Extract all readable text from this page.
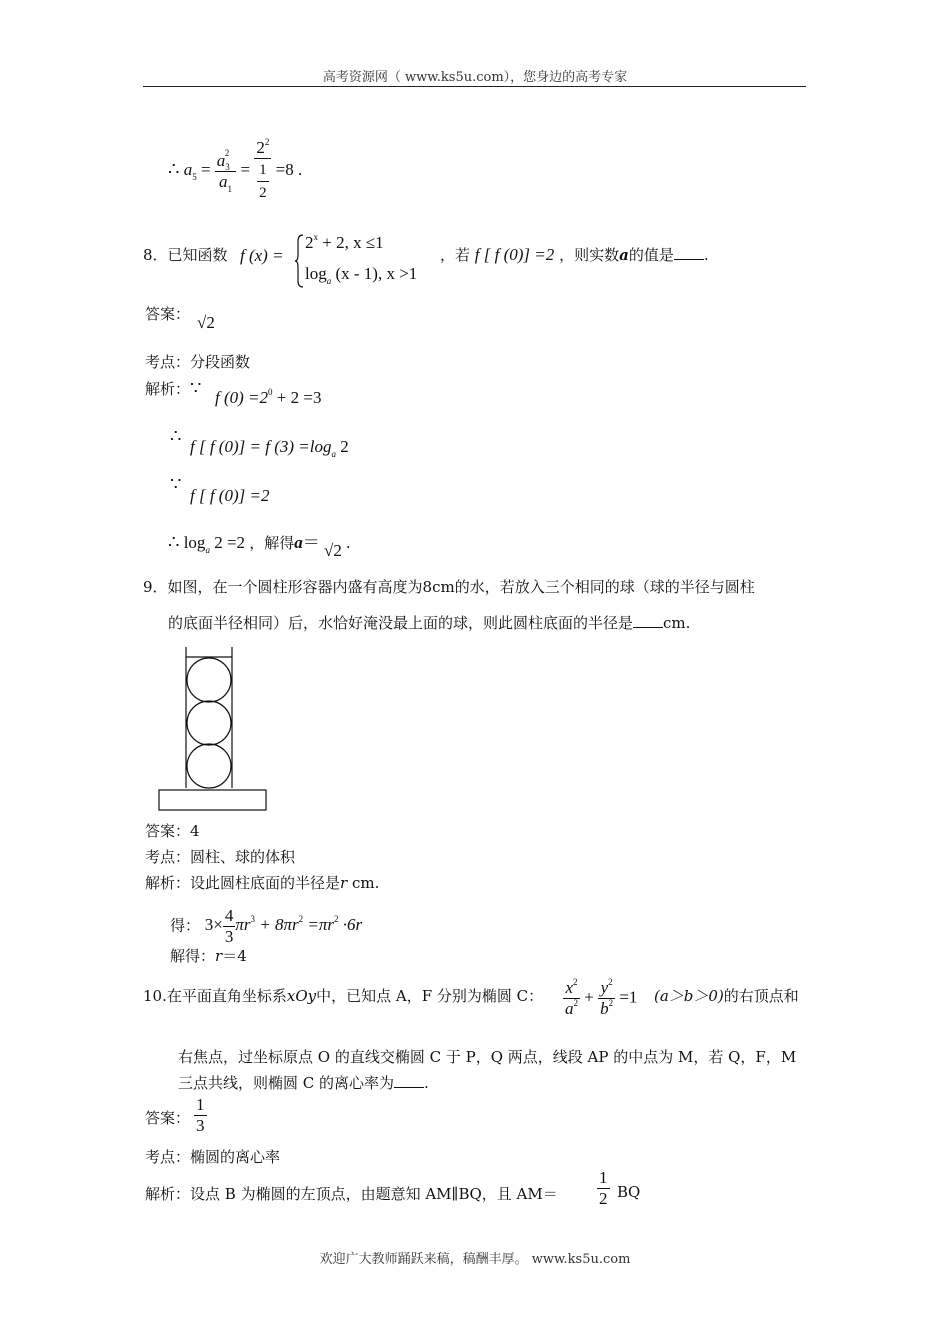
高考资源网（ www.ks5u.com），您身边的高考专家
∴ $a_5 = \frac{a_3^2}{a_1} = \frac{2^2}{\frac{1}{2}} =8$ .
8．已知函数 f (x) =
$2^x + 2$, x ≤1
$\log_a (x - 1)$, x >1
，若 f [ f (0)] =2 ，则实数a的值是 .
答案： √2
考点：分段函数
解析：∵ f $(0) =2^0 + 2 =3$
∴ f [ f (0)] = f $(3) =\log_a$ 2
∵
f [ f (0)] =2
∴ $\log_a 2 =2$ ，解得a＝ √2 .
9．如图，在一个圆柱形容器内盛有高度为8cm的水，若放入三个相同的球（球的半径与圆柱
的底面半径相同）后，水恰好淹没最上面的球，则此圆柱底面的半径是 cm.
答案：4
考点：圆柱、球的体积
解析：设此圆柱底面的半径是r cm.
得： $3\times \frac{4}{3} \pi r^3 + 8\pi r^2 =\pi r^2 \cdot 6r$
解得：r＝4
10.在平面直角坐标系xOy中，已知点 A，F 分别为椭圆 C： $\frac{x^2}{a^2} + \frac{y^2}{b^2} =1$ (a＞b＞0)的右顶点和
右焦点，过坐标原点 O 的直线交椭圆 C 于 P，Q 两点，线段 AP 的中点为 M，若 Q，F，M
三点共线，则椭圆 C 的离心率为 .
答案： $\frac{1}{3}$
考点：椭圆的离心率
解析：设点 B 为椭圆的左顶点，由题意知 AM∥BQ，且 $AM= \frac{1}{2}$ BQ
欢迎广大教师踊跃来稿，稿酬丰厚。 www.ks5u.com
